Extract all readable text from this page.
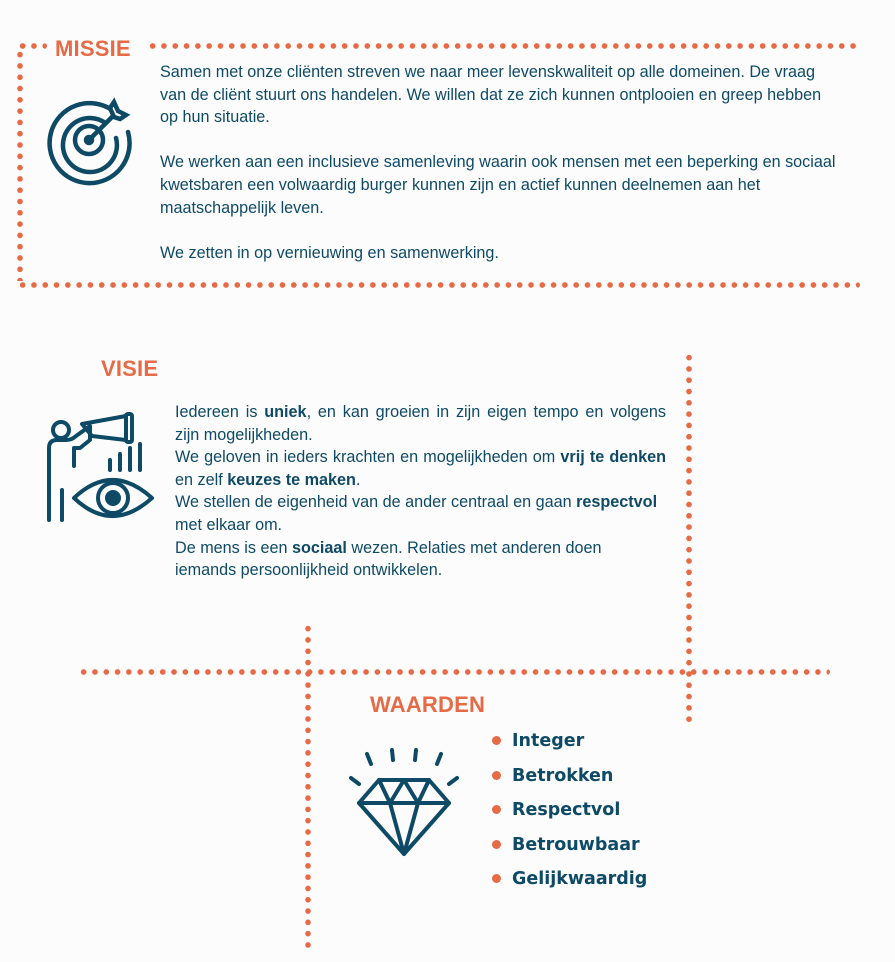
MISSIE

Samen met onze cliënten streven we naar meer levenskwaliteit op alle domeinen. De vraag van de cliënt stuurt ons handelen. We willen dat ze zich kunnen ontplooien en greep hebben op hun situatie.

We werken aan een inclusieve samenleving waarin ook mensen met een beperking en sociaal kwetsbaren een volwaardig burger kunnen zijn en actief kunnen deelnemen aan het maatschappelijk leven.

We zetten in op vernieuwing en samenwerking.

VISIE

Iedereen is uniek, en kan groeien in zijn eigen tempo en volgens zijn mogelijkheden.

We geloven in ieders krachten en mogelijkheden om vrij te denken en zelf keuzes te maken.

We stellen de eigenheid van de ander centraal en gaan respectvol met elkaar om.

De mens is een sociaal wezen. Relaties met anderen doen iemands persoonlijkheid ontwikkelen.

WAARDEN
Integer
Betrokken
Respectvol
Betrouwbaar
Gelijkwaardig
